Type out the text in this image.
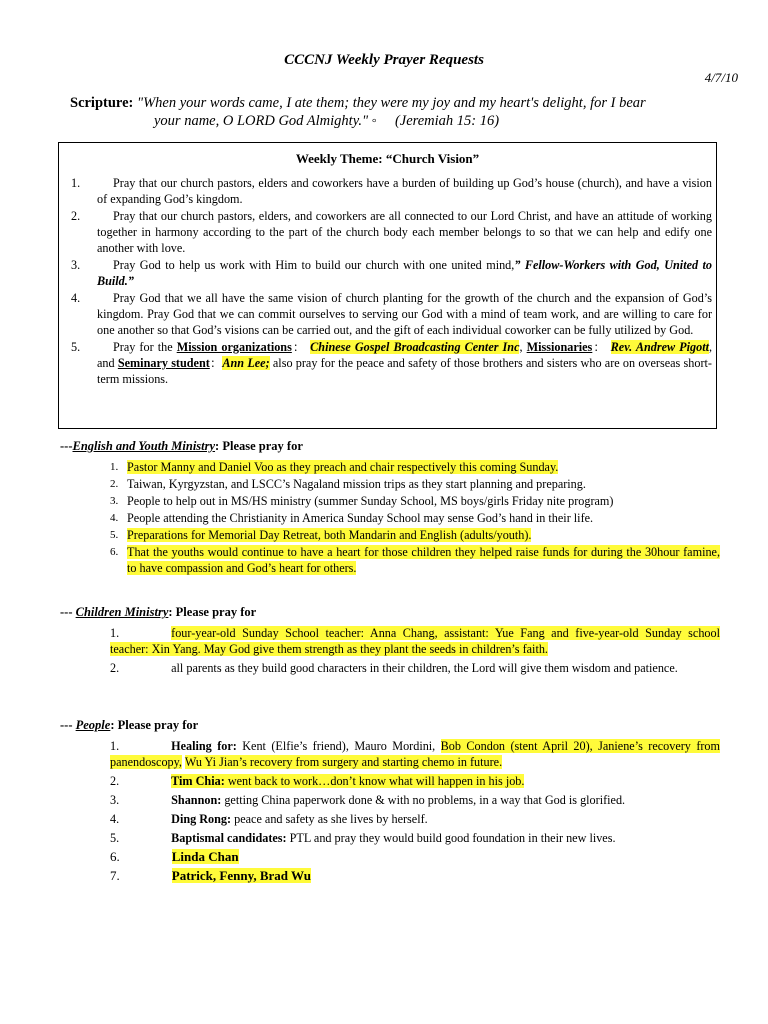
CCCNJ Weekly Prayer Requests
4/7/10
Scripture: "When your words came, I ate them; they were my joy and my heart's delight, for I bear
your name, O LORD God Almighty." ◦ (Jeremiah 15: 16)
Weekly Theme: “Church Vision”
1.	Pray that our church pastors, elders and coworkers have a burden of building up God’s house (church), and have a vision of expanding God’s kingdom.
2.	Pray that our church pastors, elders, and coworkers are all connected to our Lord Christ, and have an attitude of working together in harmony according to the part of the church body each member belongs to so that we can help and edify one another with love.
3.	Pray God to help us work with Him to build our church with one united mind,” Fellow-Workers with God, United to Build.”
4.	Pray God that we all have the same vision of church planting for the growth of the church and the expansion of God’s kingdom. Pray God that we can commit ourselves to serving our God with a mind of team work, and are willing to care for one another so that God’s visions can be carried out, and the gift of each individual coworker can be fully utilized by God.
5.	Pray for the Mission organizations： Chinese Gospel Broadcasting Center Inc, Missionaries： Rev. Andrew Pigott, and Seminary student：Ann Lee; also pray for the peace and safety of those brothers and sisters who are on overseas short-term missions.
---English and Youth Ministry: Please pray for
1. Pastor Manny and Daniel Voo as they preach and chair respectively this coming Sunday.
2. Taiwan, Kyrgyzstan, and LSCC’s Nagaland mission trips as they start planning and preparing.
3. People to help out in MS/HS ministry (summer Sunday School, MS boys/girls Friday nite program)
4. People attending the Christianity in America Sunday School may sense God’s hand in their life.
5. Preparations for Memorial Day Retreat, both Mandarin and English (adults/youth).
6. That the youths would continue to have a heart for those children they helped raise funds for during the 30hour famine, to have compassion and God’s heart for others.
--- Children Ministry: Please pray for
1.	four-year-old Sunday School teacher: Anna Chang, assistant: Yue Fang and five-year-old Sunday school teacher: Xin Yang. May God give them strength as they plant the seeds in children’s faith.
2.	all parents as they build good characters in their children, the Lord will give them wisdom and patience.
--- People: Please pray for
1.	Healing for: Kent (Elfie’s friend), Mauro Mordini, Bob Condon (stent April 20), Janiene’s recovery from panendoscopy, Wu Yi Jian’s recovery from surgery and starting chemo in future.
2.	Tim Chia: went back to work…don’t know what will happen in his job.
3.	Shannon: getting China paperwork done & with no problems, in a way that God is glorified.
4.	Ding Rong: peace and safety as she lives by herself.
5.	Baptismal candidates: PTL and pray they would build good foundation in their new lives.
6.	Linda Chan
7.	Patrick, Fenny, Brad Wu
